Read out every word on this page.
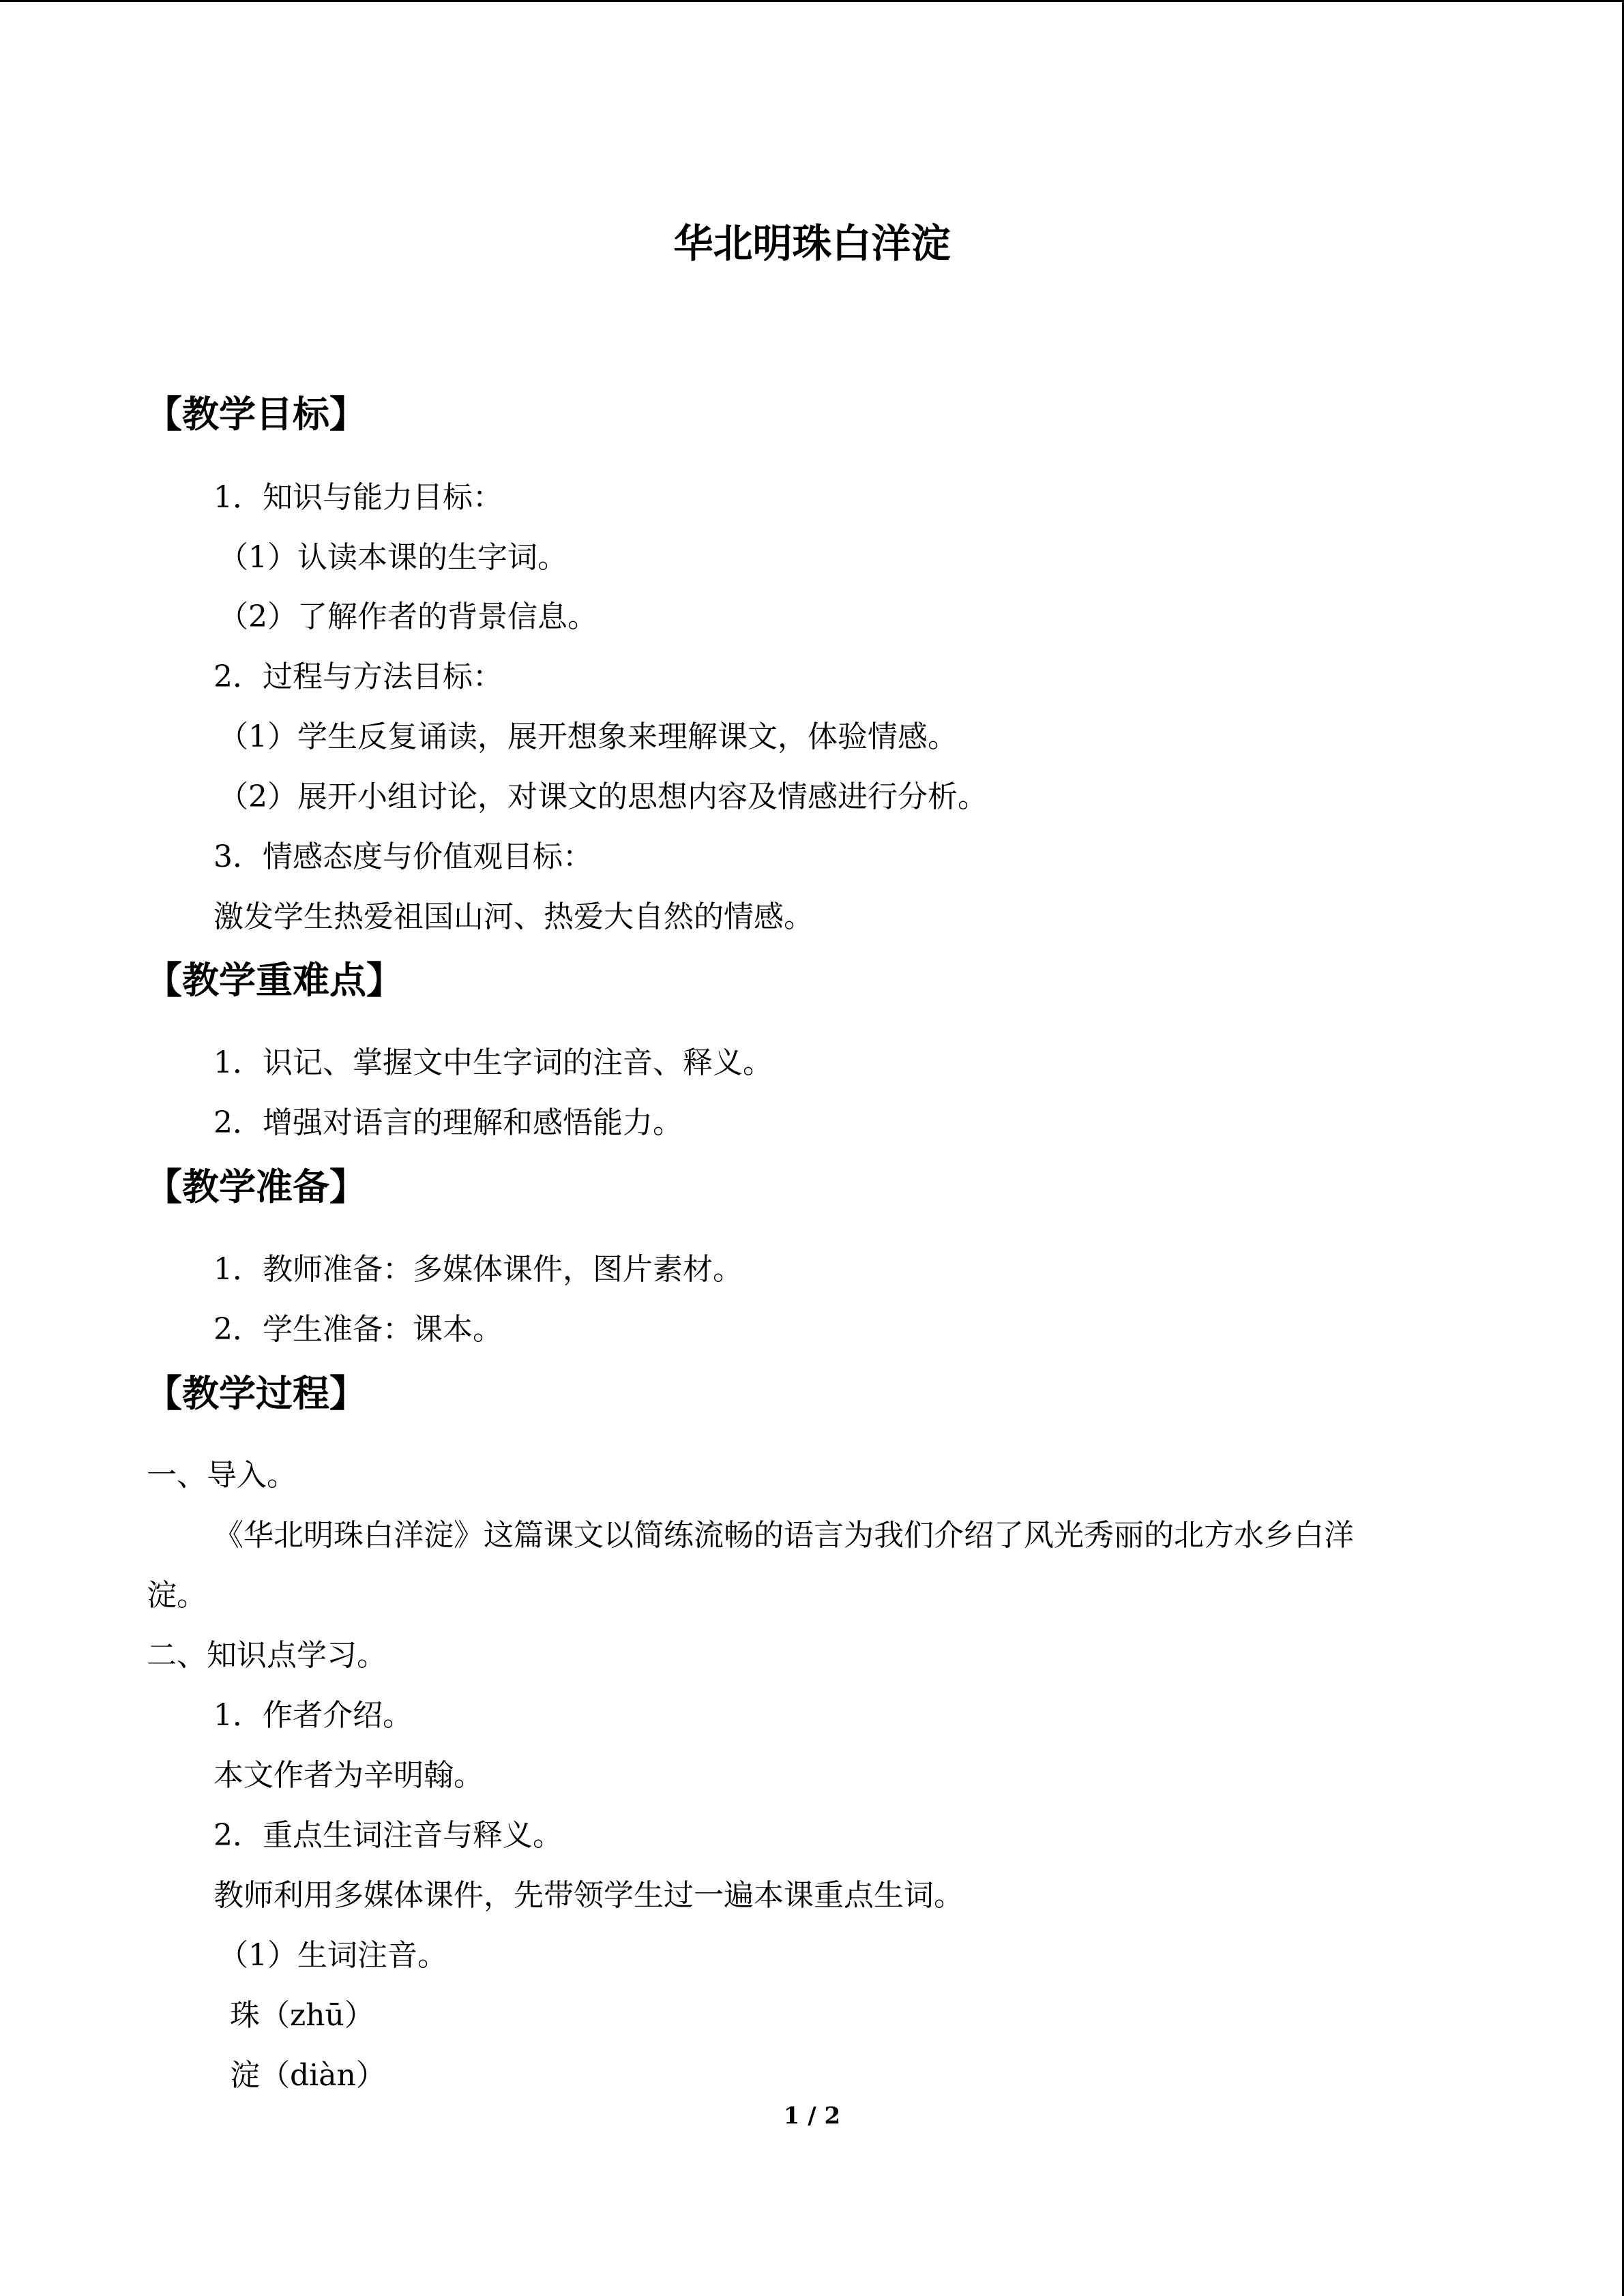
华北明珠白洋淀
【教学目标】
1．知识与能力目标：
（1）认读本课的生字词。
（2）了解作者的背景信息。
2．过程与方法目标：
（1）学生反复诵读，展开想象来理解课文，体验情感。
（2）展开小组讨论，对课文的思想内容及情感进行分析。
3．情感态度与价值观目标：
激发学生热爱祖国山河、热爱大自然的情感。
【教学重难点】
1．识记、掌握文中生字词的注音、释义。
2．增强对语言的理解和感悟能力。
【教学准备】
1．教师准备：多媒体课件，图片素材。
2．学生准备：课本。
【教学过程】
一、导入。
《华北明珠白洋淀》这篇课文以简练流畅的语言为我们介绍了风光秀丽的北方水乡白洋
淀。
二、知识点学习。
1．作者介绍。
本文作者为辛明翰。
2．重点生词注音与释义。
教师利用多媒体课件，先带领学生过一遍本课重点生词。
（1）生词注音。
珠（zhū）
淀（diàn）
1 / 2
